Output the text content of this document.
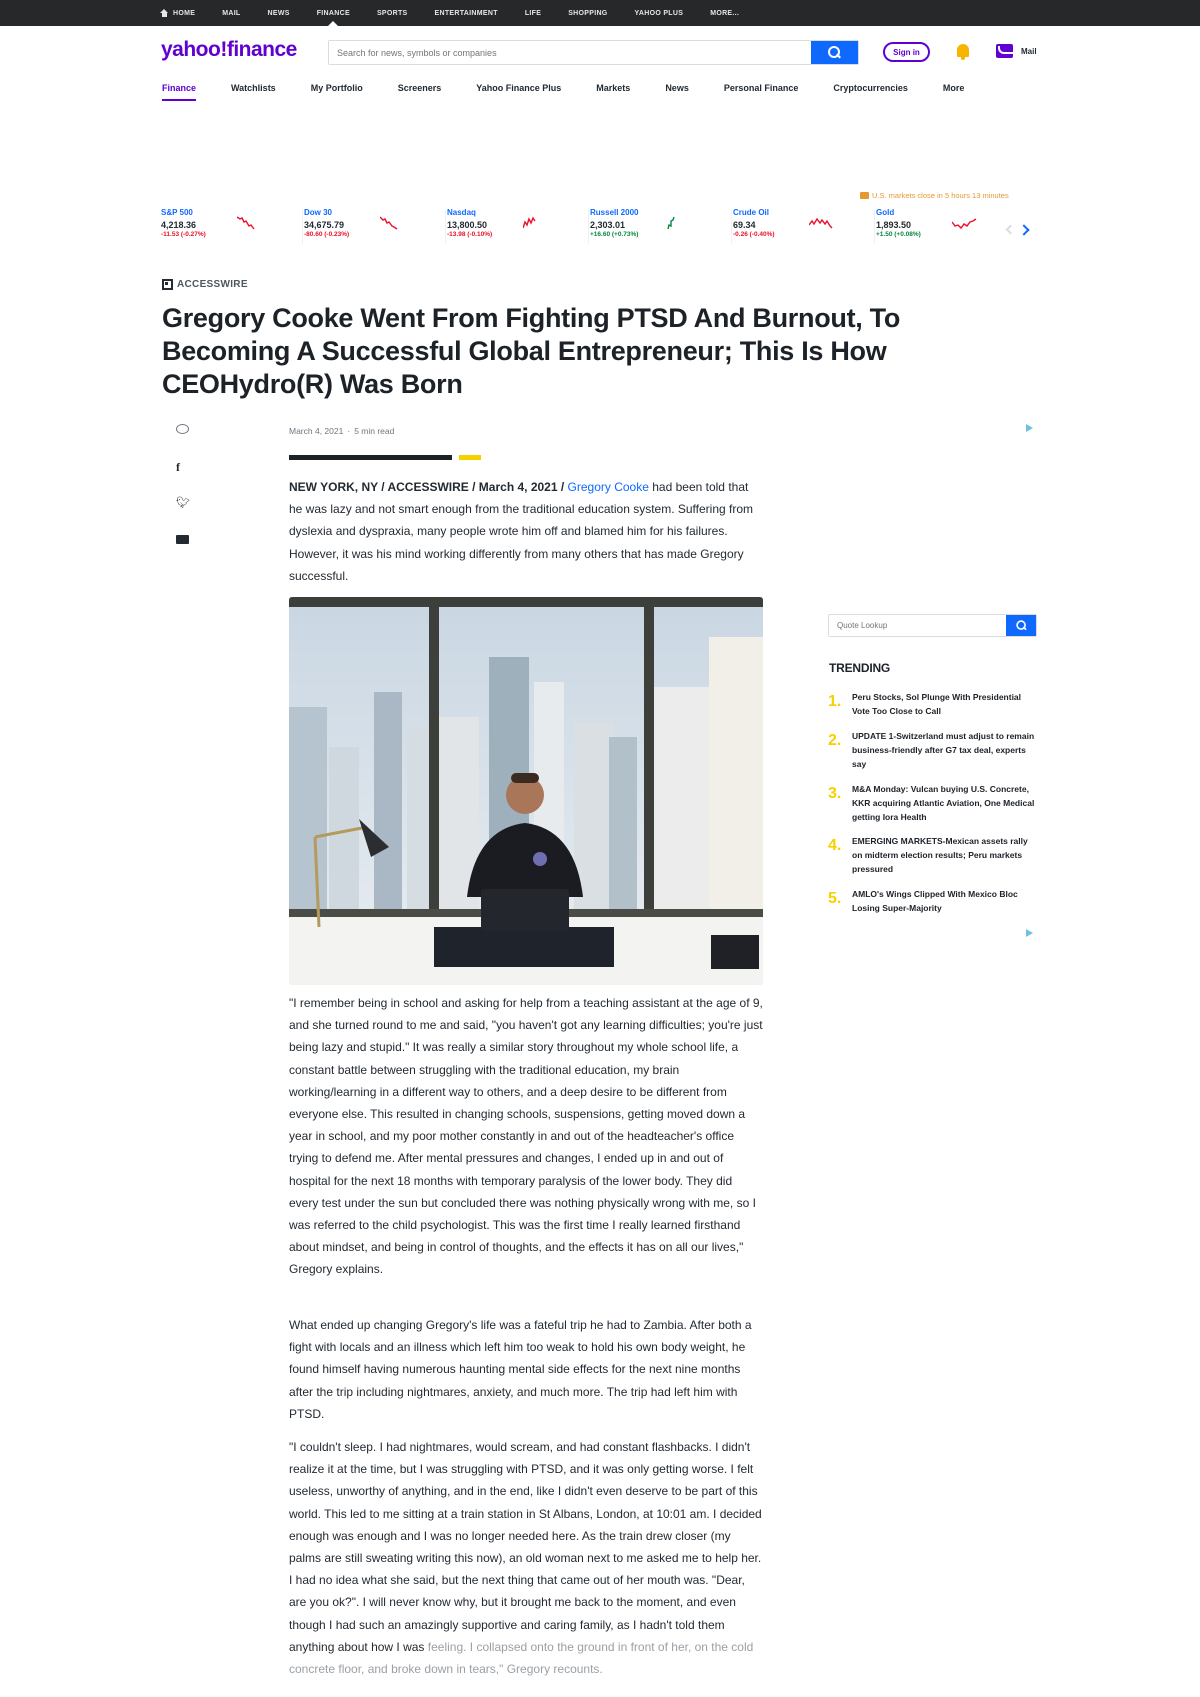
HOME	MAIL	NEWS	FINANCE	SPORTS	ENTERTAINMENT	LIFE	SHOPPING	YAHOO PLUS	MORE...
yahoo!finance
Search for news, symbols or companies	Sign in	Mail
Finance	Watchlists	My Portfolio	Screeners	Yahoo Finance Plus	Markets	News	Personal Finance	Cryptocurrencies	More
U.S. markets close in 5 hours 13 minutes
S&P 500
4,218.36
-11.53 (-0.27%)
Dow 30
34,675.79
-80.60 (-0.23%)
Nasdaq
13,800.50
-13.98 (-0.10%)
Russell 2000
2,303.01
+16.60 (+0.73%)
Crude Oil
69.34
-0.26 (-0.40%)
Gold
1,893.50
+1.50 (+0.08%)
ACCESSWIRE
Gregory Cooke Went From Fighting PTSD And Burnout, To Becoming A Successful Global Entrepreneur; This Is How CEOHydro(R) Was Born
f
🐦︎
March 4, 2021 · 5 min read
NEW YORK, NY / ACCESSWIRE / March 4, 2021 / Gregory Cooke had been told that he was lazy and not smart enough from the traditional education system. Suffering from dyslexia and dyspraxia, many people wrote him off and blamed him for his failures. However, it was his mind working differently from many others that has made Gregory successful.
"I remember being in school and asking for help from a teaching assistant at the age of 9, and she turned round to me and said, "you haven't got any learning difficulties; you're just being lazy and stupid." It was really a similar story throughout my whole school life, a constant battle between struggling with the traditional education, my brain working/learning in a different way to others, and a deep desire to be different from everyone else. This resulted in changing schools, suspensions, getting moved down a year in school, and my poor mother constantly in and out of the headteacher's office trying to defend me. After mental pressures and changes, I ended up in and out of hospital for the next 18 months with temporary paralysis of the lower body. They did every test under the sun but concluded there was nothing physically wrong with me, so I was referred to the child psychologist. This was the first time I really learned firsthand about mindset, and being in control of thoughts, and the effects it has on all our lives," Gregory explains.
What ended up changing Gregory's life was a fateful trip he had to Zambia. After both a fight with locals and an illness which left him too weak to hold his own body weight, he found himself having numerous haunting mental side effects for the next nine months after the trip including nightmares, anxiety, and much more. The trip had left him with PTSD.
"I couldn't sleep. I had nightmares, would scream, and had constant flashbacks. I didn't realize it at the time, but I was struggling with PTSD, and it was only getting worse. I felt useless, unworthy of anything, and in the end, like I didn't even deserve to be part of this world. This led to me sitting at a train station in St Albans, London, at 10:01 am. I decided enough was enough and I was no longer needed here. As the train drew closer (my palms are still sweating writing this now), an old woman next to me asked me to help her. I had no idea what she said, but the next thing that came out of her mouth was. "Dear, are you ok?". I will never know why, but it brought me back to the moment, and even though I had such an amazingly supportive and caring family, as I hadn't told them anything about how I was feeling. I collapsed onto the ground in front of her, on the cold concrete floor, and broke down in tears," Gregory recounts.
Quote Lookup
TRENDING
1.	Peru Stocks, Sol Plunge With Presidential Vote Too Close to Call
2.	UPDATE 1-Switzerland must adjust to remain business-friendly after G7 tax deal, experts say
3.	M&A Monday: Vulcan buying U.S. Concrete, KKR acquiring Atlantic Aviation, One Medical getting Iora Health
4.	EMERGING MARKETS-Mexican assets rally on midterm election results; Peru markets pressured
5.	AMLO's Wings Clipped With Mexico Bloc Losing Super-Majority
